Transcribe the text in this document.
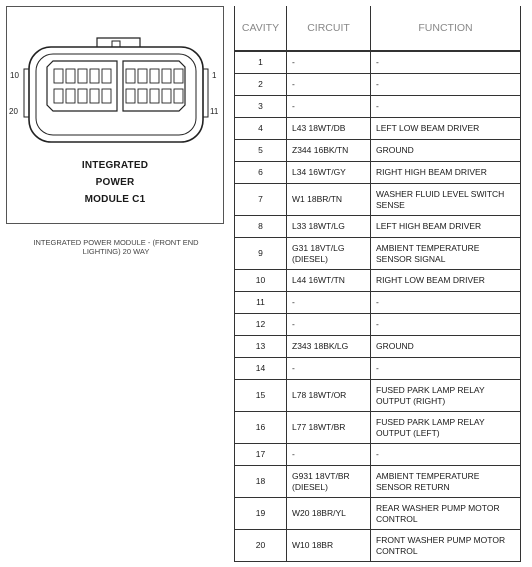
10
20
1
11
INTEGRATED
POWER
MODULE C1
INTEGRATED POWER MODULE - (FRONT END LIGHTING) 20 WAY
CAVITY	CIRCUIT	FUNCTION
1	-	-
2	-	-
3	-	-
4	L43 18WT/DB	LEFT LOW BEAM DRIVER
5	Z344 16BK/TN	GROUND
6	L34 16WT/GY	RIGHT HIGH BEAM DRIVER
7	W1 18BR/TN	WASHER FLUID LEVEL SWITCH SENSE
8	L33 18WT/LG	LEFT HIGH BEAM DRIVER
9	G31 18VT/LG (DIESEL)	AMBIENT TEMPERATURE SENSOR SIGNAL
10	L44 16WT/TN	RIGHT LOW BEAM DRIVER
11	-	-
12	-	-
13	Z343 18BK/LG	GROUND
14	-	-
15	L78 18WT/OR	FUSED PARK LAMP RELAY OUTPUT (RIGHT)
16	L77 18WT/BR	FUSED PARK LAMP RELAY OUTPUT (LEFT)
17	-	-
18	G931 18VT/BR (DIESEL)	AMBIENT TEMPERATURE SENSOR RETURN
19	W20 18BR/YL	REAR WASHER PUMP MOTOR CONTROL
20	W10 18BR	FRONT WASHER PUMP MOTOR CONTROL
